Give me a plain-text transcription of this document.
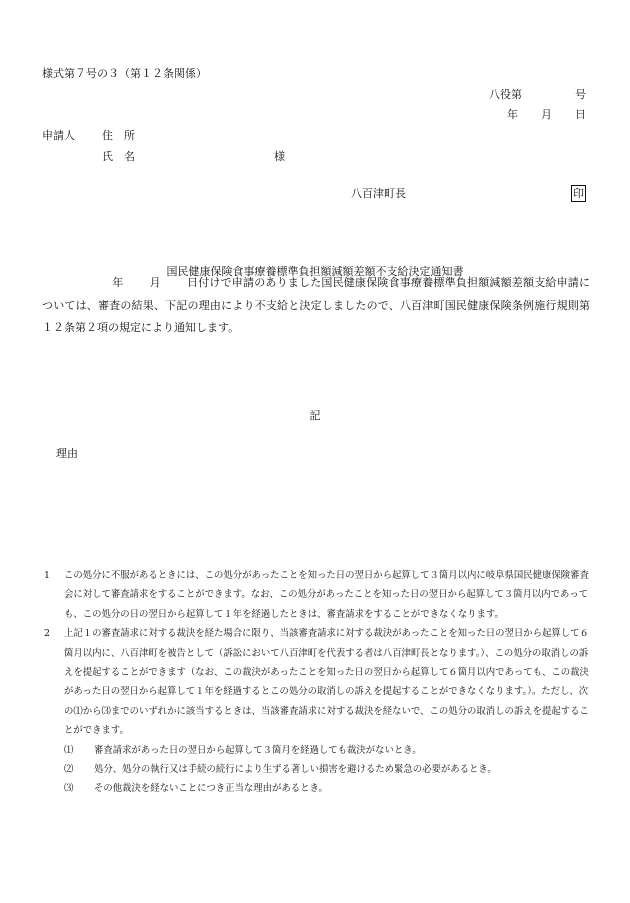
様式第７号の３（第１２条関係）
八役第	号
年 月 日
申請人 住　所
氏　名	様
八百津町長	印
国民健康保険食事療養標準負担額減額差額不支給決定通知書
年 月 日付けで申請のありました国民健康保険食事療養標準負担額減額差額支給申請については、審査の結果、下記の理由により不支給と決定しましたので、八百津町国民健康保険条例施行規則第１２条第２項の規定により通知します。
記
理由
1 この処分に不服があるときには、この処分があったことを知った日の翌日から起算して３箇月以内に岐阜県国民健康保険審査会に対して審査請求をすることができます。なお、この処分があったことを知った日の翌日から起算して３箇月以内であっても、この処分の日の翌日から起算して１年を経過したときは、審査請求をすることができなくなります。
2 上記１の審査請求に対する裁決を経た場合に限り、当該審査請求に対する裁決があったことを知った日の翌日から起算して６箇月以内に、八百津町を被告として（訴訟において八百津町を代表する者は八百津町長となります。）、この処分の取消しの訴えを提起することができます（なお、この裁決があったことを知った日の翌日から起算して６箇月以内であっても、この裁決があった日の翌日から起算して１年を経過するとこの処分の取消しの訴えを提起することができなくなります。）。ただし、次の⑴から⑶までのいずれかに該当するときは、当該審査請求に対する裁決を経ないで、この処分の取消しの訴えを提起することができます。
⑴ 審査請求があった日の翌日から起算して３箇月を経過しても裁決がないとき。
⑵ 処分、処分の執行又は手続の続行により生ずる著しい損害を避けるため緊急の必要があるとき。
⑶ その他裁決を経ないことにつき正当な理由があるとき。
